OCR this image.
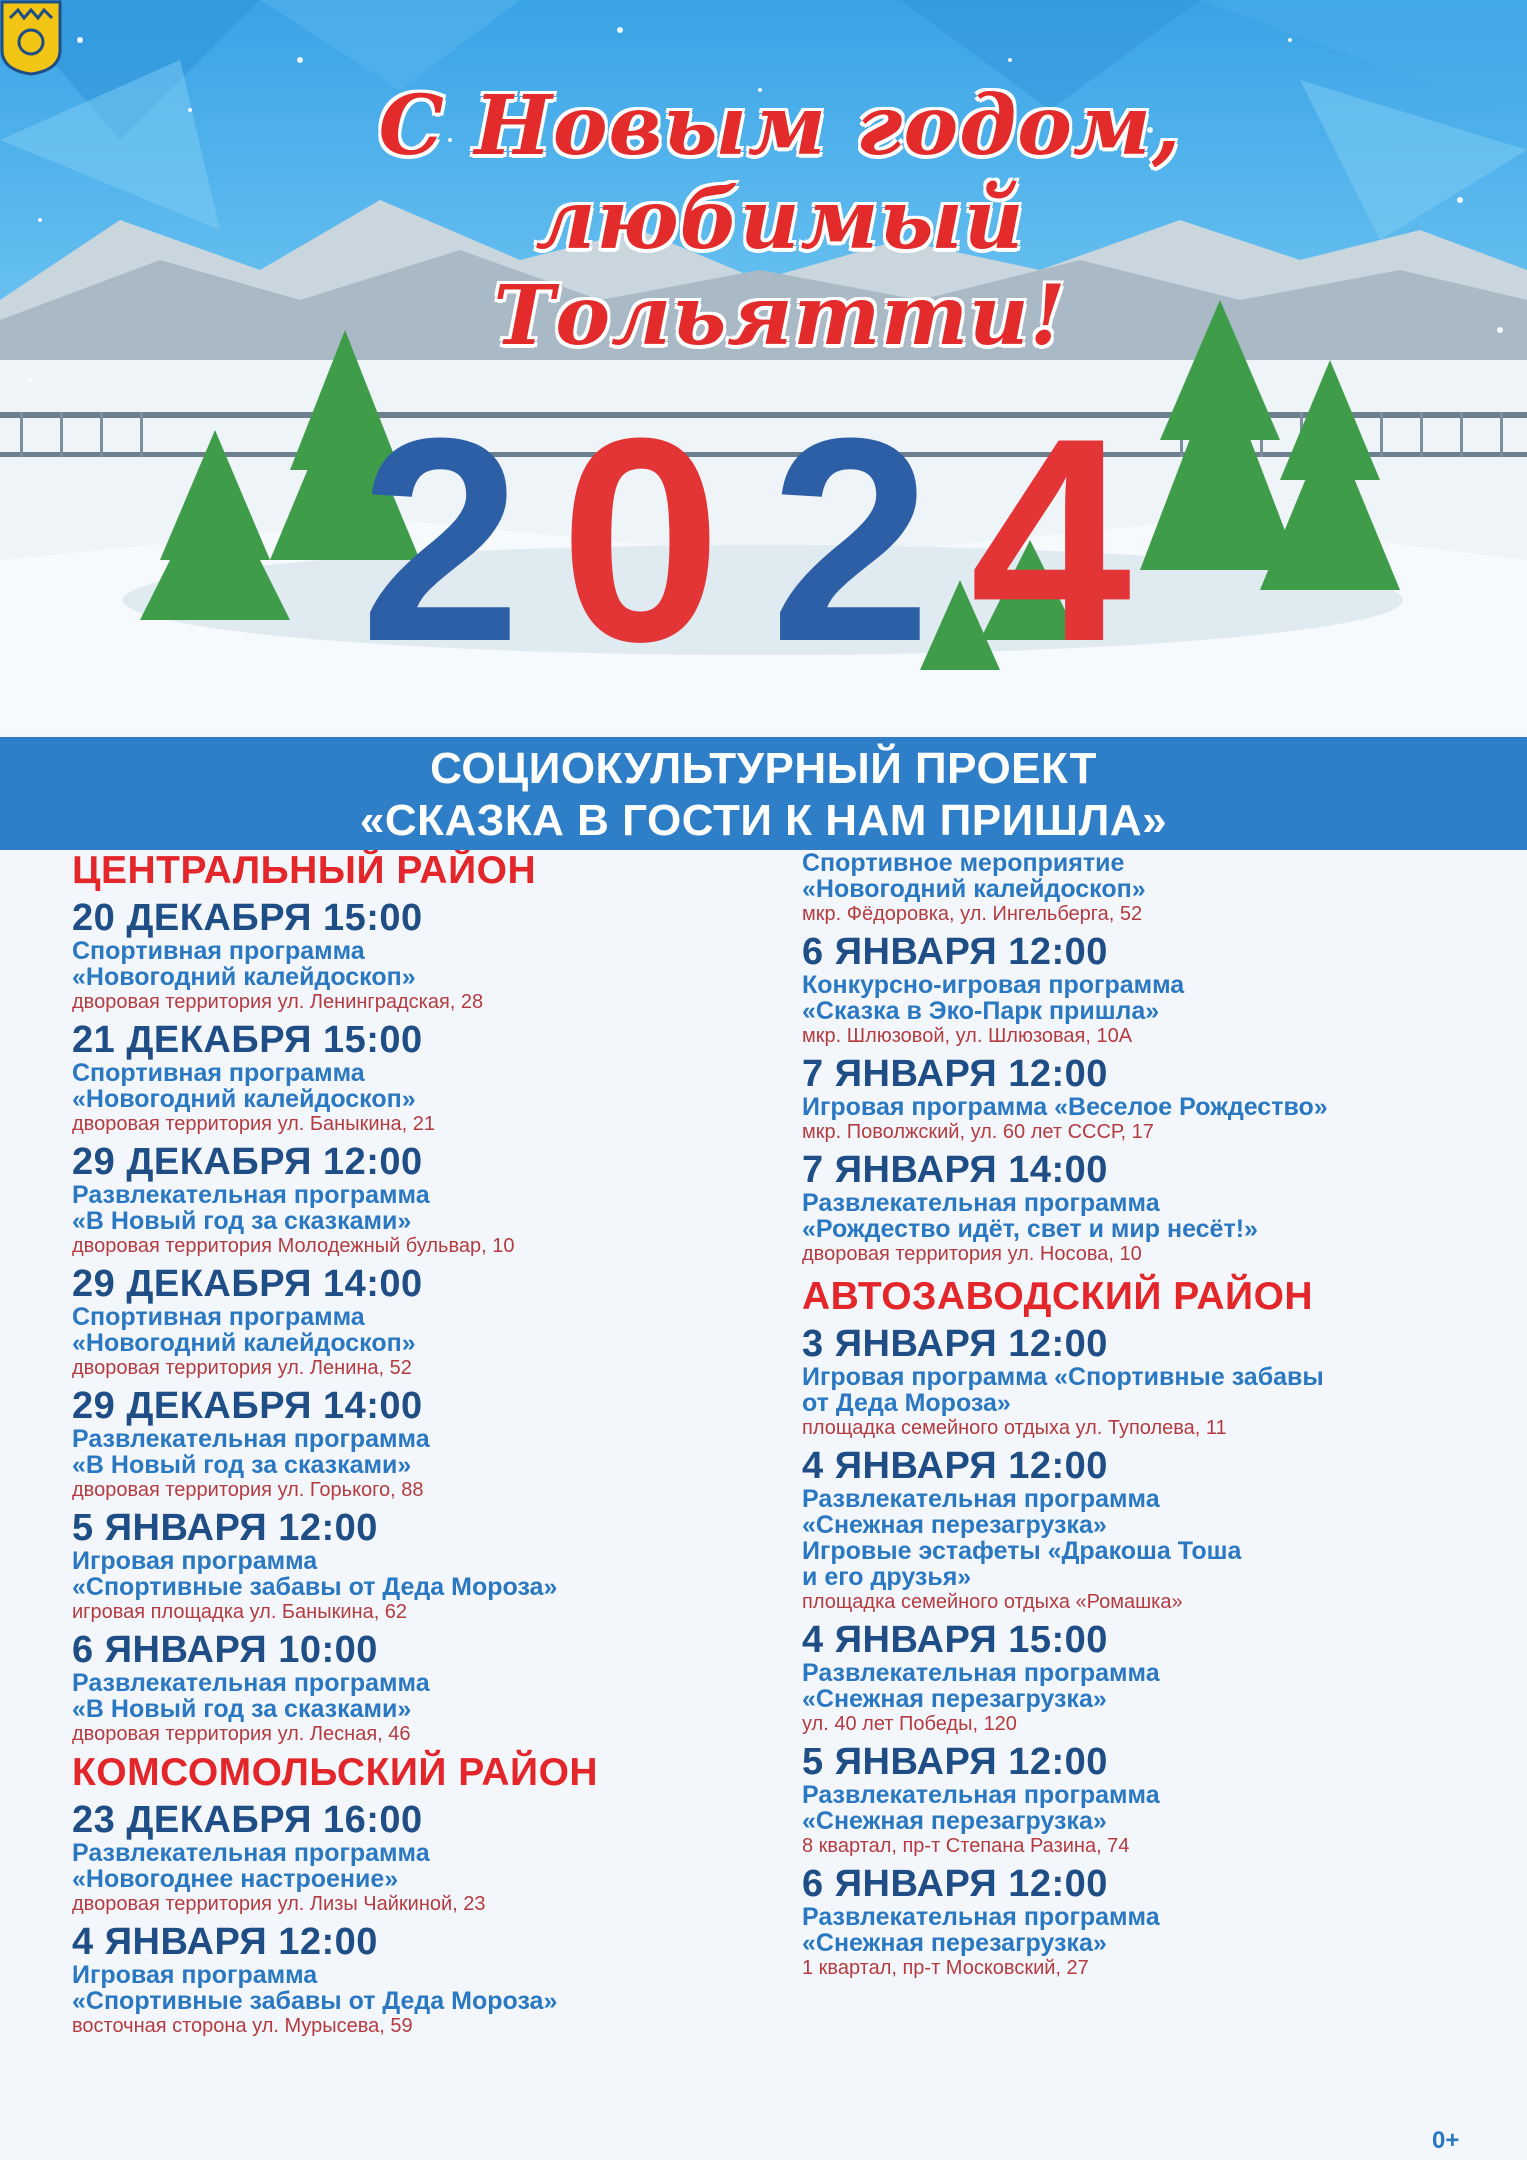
2 0 2 4
С Новым годом,
любимый Тольятти!
СОЦИОКУЛЬТУРНЫЙ ПРОЕКТ
«СКАЗКА В ГОСТИ К НАМ ПРИШЛА»
ЦЕНТРАЛЬНЫЙ РАЙОН
20 ДЕКАБРЯ 15:00
Спортивная программа
«Новогодний калейдоскоп»
дворовая территория ул. Ленинградская, 28
21 ДЕКАБРЯ 15:00
Спортивная программа
«Новогодний калейдоскоп»
дворовая территория ул. Баныкина, 21
29 ДЕКАБРЯ 12:00
Развлекательная программа
«В Новый год за сказками»
дворовая территория Молодежный бульвар, 10
29 ДЕКАБРЯ 14:00
Спортивная программа
«Новогодний калейдоскоп»
дворовая территория ул. Ленина, 52
29 ДЕКАБРЯ 14:00
Развлекательная программа
«В Новый год за сказками»
дворовая территория ул. Горького, 88
5 ЯНВАРЯ 12:00
Игровая программа
«Спортивные забавы от Деда Мороза»
игровая площадка ул. Баныкина, 62
6 ЯНВАРЯ 10:00
Развлекательная программа
«В Новый год за сказками»
дворовая территория ул. Лесная, 46
КОМСОМОЛЬСКИЙ РАЙОН
23 ДЕКАБРЯ 16:00
Развлекательная программа
«Новогоднее настроение»
дворовая территория ул. Лизы Чайкиной, 23
4 ЯНВАРЯ 12:00
Игровая программа
«Спортивные забавы от Деда Мороза»
восточная сторона ул. Мурысева, 59
Спортивное мероприятие
«Новогодний калейдоскоп»
мкр. Фёдоровка, ул. Ингельберга, 52
6 ЯНВАРЯ 12:00
Конкурсно-игровая программа
«Сказка в Эко-Парк пришла»
мкр. Шлюзовой, ул. Шлюзовая, 10А
7 ЯНВАРЯ 12:00
Игровая программа «Веселое Рождество»
мкр. Поволжский, ул. 60 лет СССР, 17
7 ЯНВАРЯ 14:00
Развлекательная программа
«Рождество идёт, свет и мир несёт!»
дворовая территория ул. Носова, 10
АВТОЗАВОДСКИЙ РАЙОН
3 ЯНВАРЯ 12:00
Игровая программа «Спортивные забавы
от Деда Мороза»
площадка семейного отдыха ул. Туполева, 11
4 ЯНВАРЯ 12:00
Развлекательная программа
«Снежная перезагрузка»
Игровые эстафеты «Дракоша Тоша
и его друзья»
площадка семейного отдыха «Ромашка»
4 ЯНВАРЯ 15:00
Развлекательная программа
«Снежная перезагрузка»
ул. 40 лет Победы, 120
5 ЯНВАРЯ 12:00
Развлекательная программа
«Снежная перезагрузка»
8 квартал, пр-т Степана Разина, 74
6 ЯНВАРЯ 12:00
Развлекательная программа
«Снежная перезагрузка»
1 квартал, пр-т Московский, 27
0+
